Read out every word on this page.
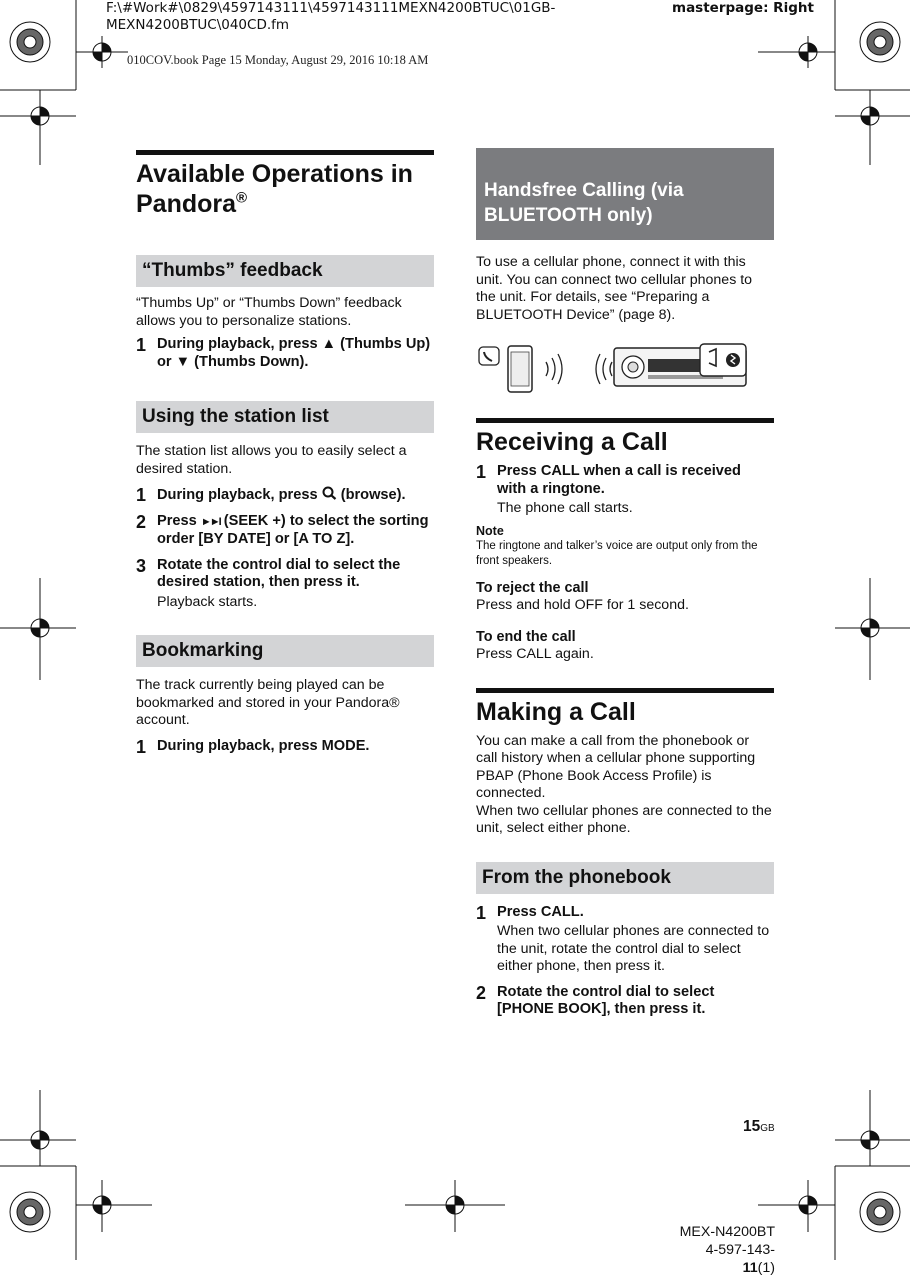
F:\#Work#\0829\4597143111\4597143111MEXN4200BTUC\01GB-
MEXN4200BTUC\040CD.fm
masterpage: Right
010COV.book Page 15 Monday, August 29, 2016 10:18 AM
Available Operations in Pandora®
“Thumbs” feedback

“Thumbs Up” or “Thumbs Down” feedback allows you to personalize stations.

1 During playback, press ▲ (Thumbs Up) or ▼ (Thumbs Down).

Using the station list

The station list allows you to easily select a desired station.

1 During playback, press  (browse).

2 Press ►►I (SEEK +) to select the sorting order [BY DATE] or [A TO Z].

3 Rotate the control dial to select the desired station, then press it.

Playback starts.

Bookmarking

The track currently being played can be bookmarked and stored in your Pandora® account.

1 During playback, press MODE.

Handsfree Calling (via BLUETOOTH only)

To use a cellular phone, connect it with this unit. You can connect two cellular phones to the unit. For details, see “Preparing a BLUETOOTH Device” (page 8).

Receiving a Call
1 Press CALL when a call is received with a ringtone.

The phone call starts.

Note

The ringtone and talker’s voice are output only from the front speakers.

To reject the call

Press and hold OFF for 1 second.

To end the call

Press CALL again.

Making a Call

You can make a call from the phonebook or call history when a cellular phone supporting PBAP (Phone Book Access Profile) is connected.

When two cellular phones are connected to the unit, select either phone.

From the phonebook
1 Press CALL.

When two cellular phones are connected to the unit, rotate the control dial to select either phone, then press it.

2 Rotate the control dial to select [PHONE BOOK], then press it.

15GB
MEX-N4200BT
4-597-143-11(1)
